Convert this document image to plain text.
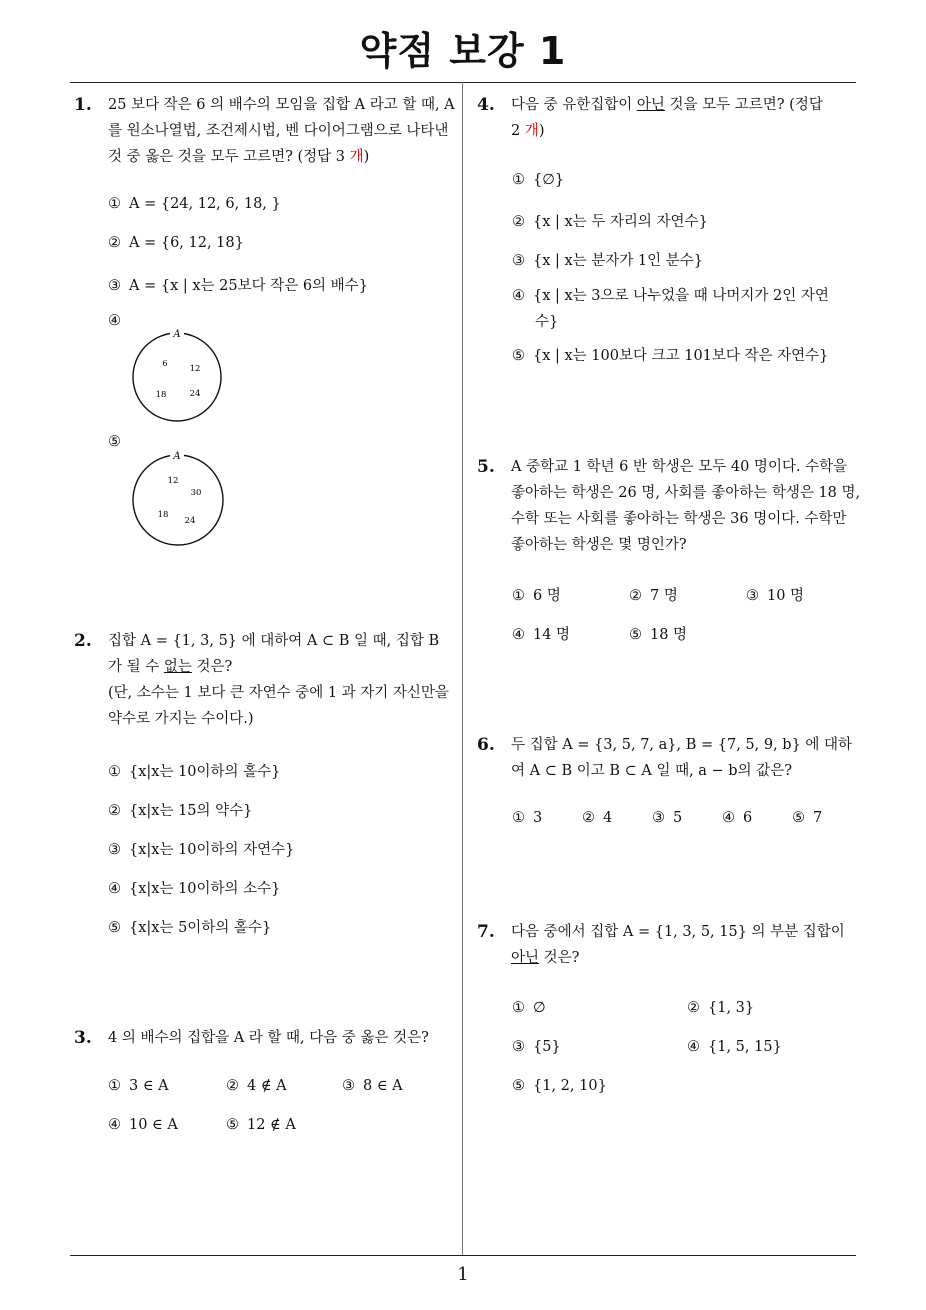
약점 보강 1
1
1. 25 보다 작은 6 의 배수의 모임을 집합 A 라고 할 때, A 를 원소나열법, 조건제시법, 벤 다이어그램으로 나타낸 것 중 옳은 것을 모두 고르면? (정답 3 개)
① A = {24, 12, 6, 18, }
② A = {6, 12, 18}
③ A = {x | x는 25보다 작은 6의 배수}
④
A
6	12
18	24
⑤
A
12
30
18
24
2. 집합 A = {1, 3, 5} 에 대하여 A ⊂ B 일 때, 집합 B
가 될 수 없는 것은?
(단, 소수는 1 보다 큰 자연수 중에 1 과 자기 자신만을
약수로 가지는 수이다.)
① {x|x는 10이하의 홀수}
② {x|x는 15의 약수}
③ {x|x는 10이하의 자연수}
④ {x|x는 10이하의 소수}
⑤ {x|x는 5이하의 홀수}
3. 4 의 배수의 집합을 A 라 할 때, 다음 중 옳은 것은?
① 3 ∈ A	② 4 ∉ A	③ 8 ∈ A
④ 10 ∈ A	⑤ 12 ∉ A
4. 다음 중 유한집합이 아닌 것을 모두 고르면? (정답
2 개)
① {∅}
② {x | x는 두 자리의 자연수}
③ {x | x는 분자가 1인 분수}
④ {x | x는 3으로 나누었을 때 나머지가 2인 자연
수}
⑤ {x | x는 100보다 크고 101보다 작은 자연수}
5. A 중학교 1 학년 6 반 학생은 모두 40 명이다. 수학을
좋아하는 학생은 26 명, 사회를 좋아하는 학생은 18 명,
수학 또는 사회를 좋아하는 학생은 36 명이다. 수학만
좋아하는 학생은 몇 명인가?
① 6 명	② 7 명	③ 10 명
④ 14 명	⑤ 18 명
6. 두 집합 A = {3, 5, 7, a}, B = {7, 5, 9, b} 에 대하
여 A ⊂ B 이고 B ⊂ A 일 때, a − b의 값은?
① 3	② 4	③ 5	④ 6	⑤ 7
7. 다음 중에서 집합 A = {1, 3, 5, 15} 의 부분 집합이
아닌 것은?
① ∅	② {1, 3}
③ {5}	④ {1, 5, 15}
⑤ {1, 2, 10}
